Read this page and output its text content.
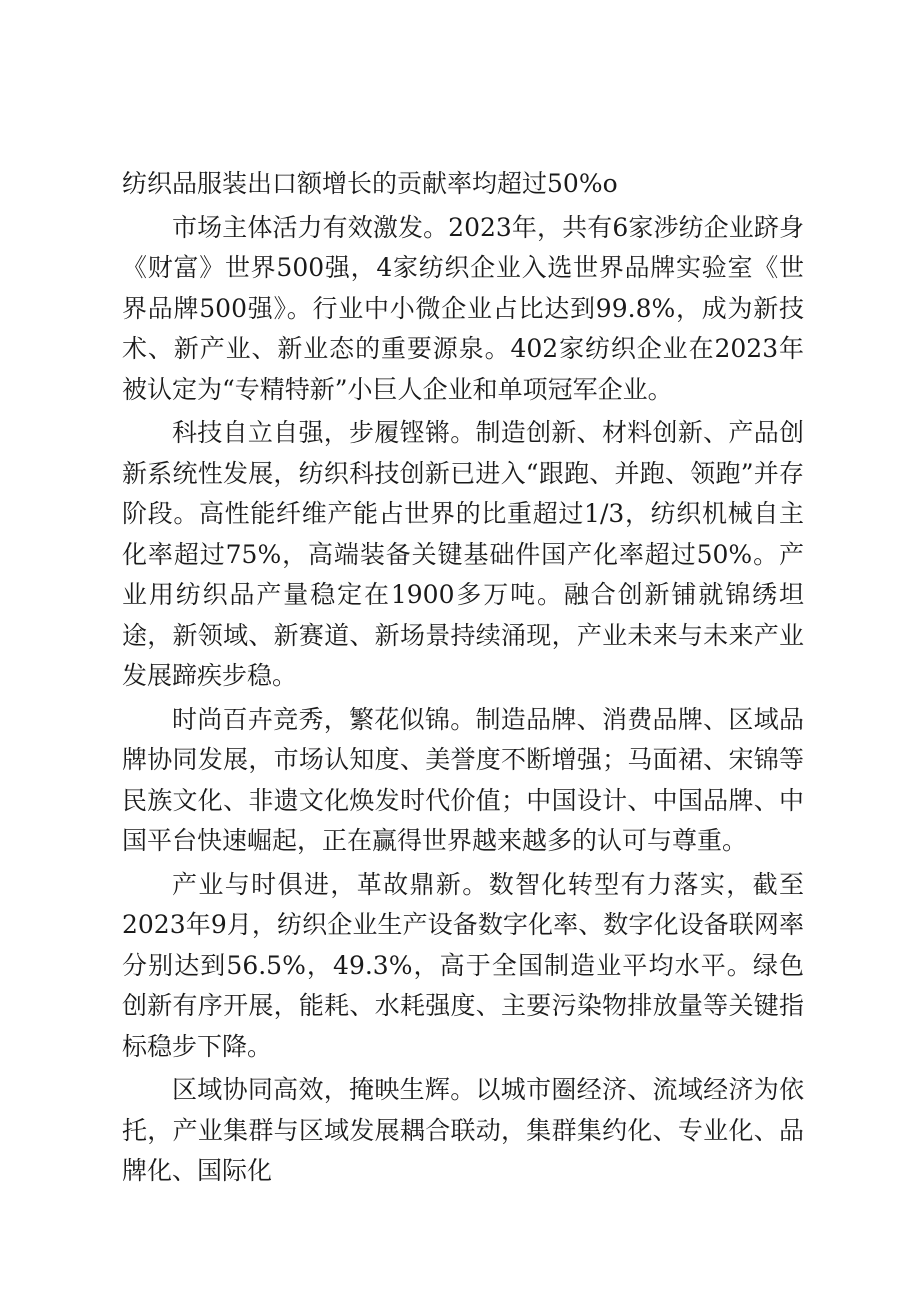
纺织品服装出口额增长的贡献率均超过50%o

市场主体活力有效激发。2023年，共有6家涉纺企业跻身《财富》世界500强，4家纺织企业入选世界品牌实验室《世界品牌500强》。行业中小微企业占比达到99.8%，成为新技术、新产业、新业态的重要源泉。402家纺织企业在2023年被认定为“专精特新”小巨人企业和单项冠军企业。

科技自立自强，步履铿锵。制造创新、材料创新、产品创新系统性发展，纺织科技创新已进入“跟跑、并跑、领跑”并存阶段。高性能纤维产能占世界的比重超过1/3，纺织机械自主化率超过75%，高端装备关键基础件国产化率超过50%。产业用纺织品产量稳定在1900多万吨。融合创新铺就锦绣坦途，新领域、新赛道、新场景持续涌现，产业未来与未来产业发展蹄疾步稳。

时尚百卉竞秀，繁花似锦。制造品牌、消费品牌、区域品牌协同发展，市场认知度、美誉度不断增强；马面裙、宋锦等民族文化、非遗文化焕发时代价值；中国设计、中国品牌、中国平台快速崛起，正在赢得世界越来越多的认可与尊重。

产业与时俱进，革故鼎新。数智化转型有力落实，截至2023年9月，纺织企业生产设备数字化率、数字化设备联网率分别达到56.5%，49.3%，高于全国制造业平均水平。绿色创新有序开展，能耗、水耗强度、主要污染物排放量等关键指标稳步下降。

区域协同高效，掩映生辉。以城市圈经济、流域经济为依托，产业集群与区域发展耦合联动，集群集约化、专业化、品牌化、国际化
